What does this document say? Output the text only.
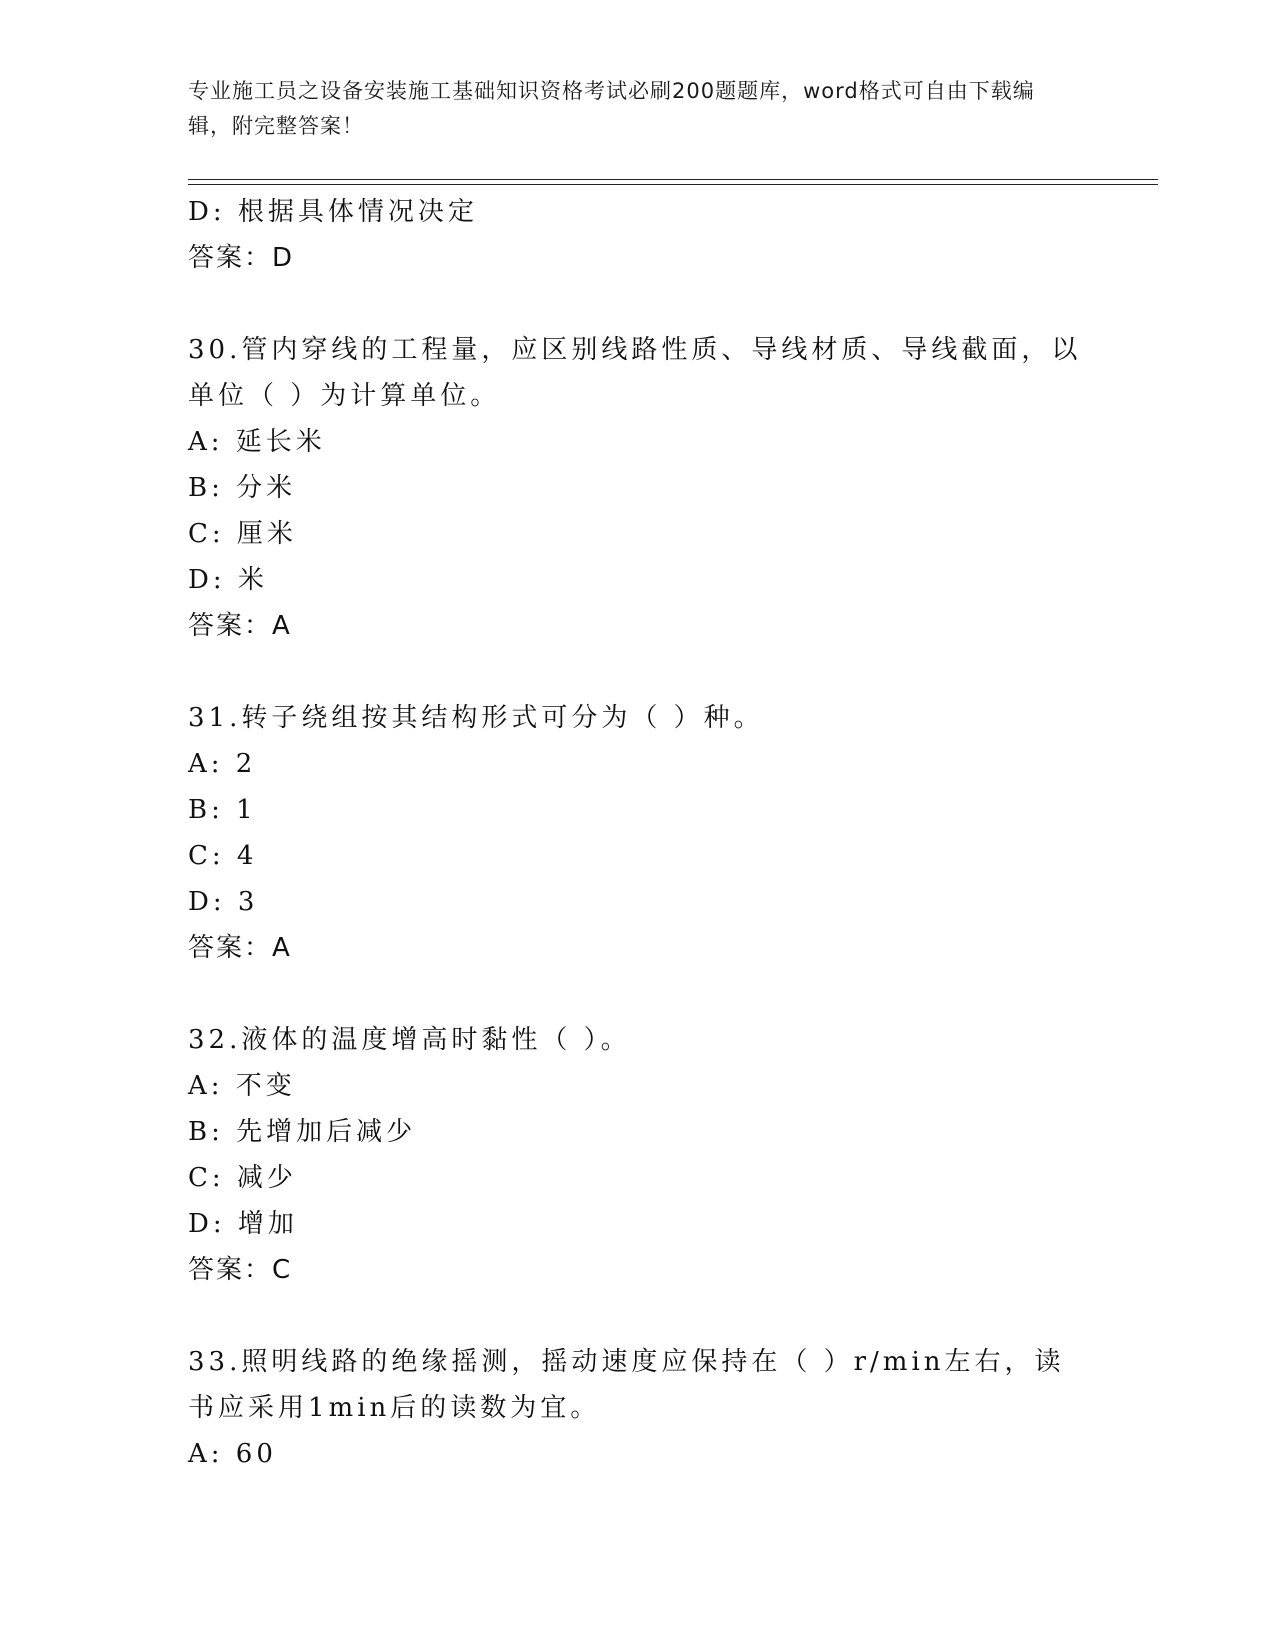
专业施工员之设备安装施工基础知识资格考试必刷200题题库，word格式可自由下载编辑，附完整答案！
D: 根据具体情况决定
答案：D
30.管内穿线的工程量，应区别线路性质、导线材质、导线截面，以单位（ ）为计算单位。
A: 延长米
B: 分米
C: 厘米
D: 米
答案：A
31.转子绕组按其结构形式可分为（ ）种。
A: 2
B: 1
C: 4
D: 3
答案：A
32.液体的温度增高时黏性（ ）。
A: 不变
B: 先增加后减少
C: 减少
D: 增加
答案：C
33.照明线路的绝缘摇测，摇动速度应保持在（ ）r/min左右，读书应采用1min后的读数为宜。
A: 60
